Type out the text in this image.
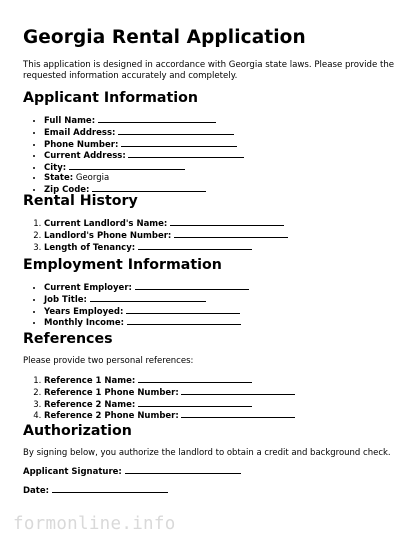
Georgia Rental Application

This application is designed in accordance with Georgia state laws. Please provide the requested information accurately and completely.

Applicant Information
• Full Name:
• Email Address:
• Phone Number:
• Current Address:
• City:
• State: Georgia
• Zip Code:
Rental History
1. Current Landlord's Name:
2. Landlord's Phone Number:
3. Length of Tenancy:
Employment Information
• Current Employer:
• Job Title:
• Years Employed:
• Monthly Income:
References

Please provide two personal references:

1. Reference 1 Name:
2. Reference 1 Phone Number:
3. Reference 2 Name:
4. Reference 2 Phone Number:
Authorization

By signing below, you authorize the landlord to obtain a credit and background check.

Applicant Signature:

Date:

formonline.info
